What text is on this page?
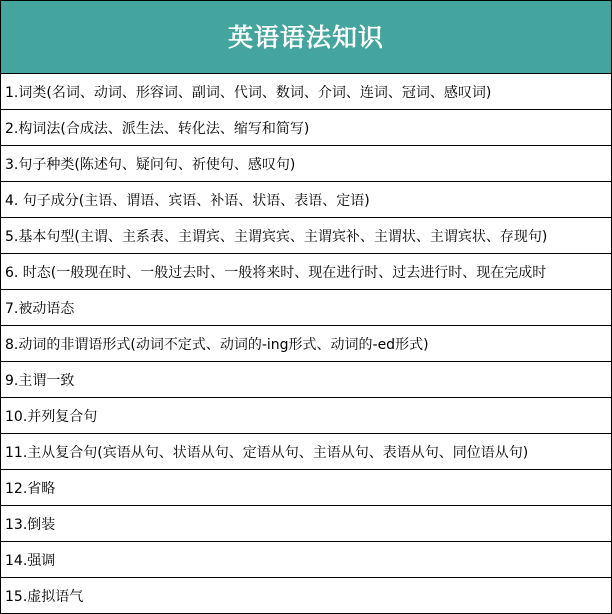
英语语法知识
1.词类(名词、动词、形容词、副词、代词、数词、介词、连词、冠词、感叹词)
2.构词法(合成法、派生法、转化法、缩写和简写)
3.句子种类(陈述句、疑问句、祈使句、感叹句)
4. 句子成分(主语、谓语、宾语、补语、状语、表语、定语)
5.基本句型(主谓、主系表、主谓宾、主谓宾宾、主谓宾补、主谓状、主谓宾状、存现句)
6. 时态(一般现在时、一般过去时、一般将来时、现在进行时、过去进行时、现在完成时
7.被动语态
8.动词的非谓语形式(动词不定式、动词的-ing形式、动词的-ed形式)
9.主谓一致
10.并列复合句
11.主从复合句(宾语从句、状语从句、定语从句、主语从句、表语从句、同位语从句)
12.省略
13.倒装
14.强调
15.虚拟语气
